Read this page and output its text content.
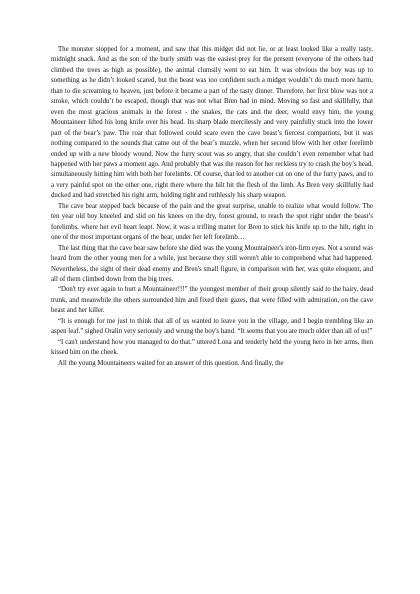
The monster stopped for a moment, and saw that this midget did not lie, or at least looked like a really tasty, midnight snack. And as the son of the burly smith was the easiest prey for the present (everyone of the others had climbed the trees as high as possible), the animal clumsily went to eat him. It was obvious the boy was up to something as he didn’t looked scared, but the beast was too confident such a midget wouldn’t do much more harm, than to die screaming to heaven, just before it became a part of the tasty dinner. Therefore, her first blow was not a stroke, which couldn’t be escaped, though that was not what Bren had in mind. Moving so fast and skillfully, that even the most gracious animals in the forest - the snakes, the cats and the deer, would envy him, the young Mountaineer lifted his long knife over his head. Its sharp blade mercilessly and very painfully stuck into the lower part of the bear’s paw. The roar that followed could scare even the cave beast’s fiercest compatriots, but it was nothing compared to the sounds that came out of the bear’s muzzle, when her second blow with her other forelimb ended up with a new bloody wound. Now the furry scout was so angry, that she couldn’t even remember what had happened with her paws a moment ago. And probably that was the reason for her reckless try to crash the boy’s head, simultaneously hitting him with both her forelimbs. Of course, that led to another cut on one of the furry paws, and to a very painful spot on the other one, right there where the hilt hit the flesh of the limb. As Bren very skillfully had ducked and had stretched his right arm, holding tight and ruthlessly his sharp weapon.

The cave bear stepped back because of the pain and the great surprise, unable to realize what would follow. The ten year old boy kneeled and slid on his knees on the dry, forest ground, to reach the spot right under the beast’s forelimbs, where her evil heart leapt. Now, it was a trifling matter for Bren to stick his knife up to the hilt, right in one of the most important organs of the bear, under her left forelimb…

The last thing that the cave bear saw before she died was the young Mountaineer's iron-firm eyes. Not a sound was heard from the other young men for a while, just because they still weren't able to comprehend what had happened. Nevertheless, the sight of their dead enemy and Bren's small figure, in comparison with her, was quite eloquent, and all of them climbed down from the big trees.

“Don't try ever again to hurt a Mountaineer!!!” the youngest member of their group silently said to the hairy, dead trunk, and meanwhile the others surrounded him and fixed their gazes, that were filled with admiration, on the cave beast and her killer.

“It is enough for me just to think that all of us wanted to leave you in the village, and I begin trembling like an aspen leaf.” sighed Oralin very seriously and wrung the boy's hand. “It seems that you are much older than all of us!”

“I can't understand how you managed to do that.” uttered Lona and tenderly held the young hero in her arms, then kissed him on the cheek.

All the young Mountaineers waited for an answer of this question. And finally, the
